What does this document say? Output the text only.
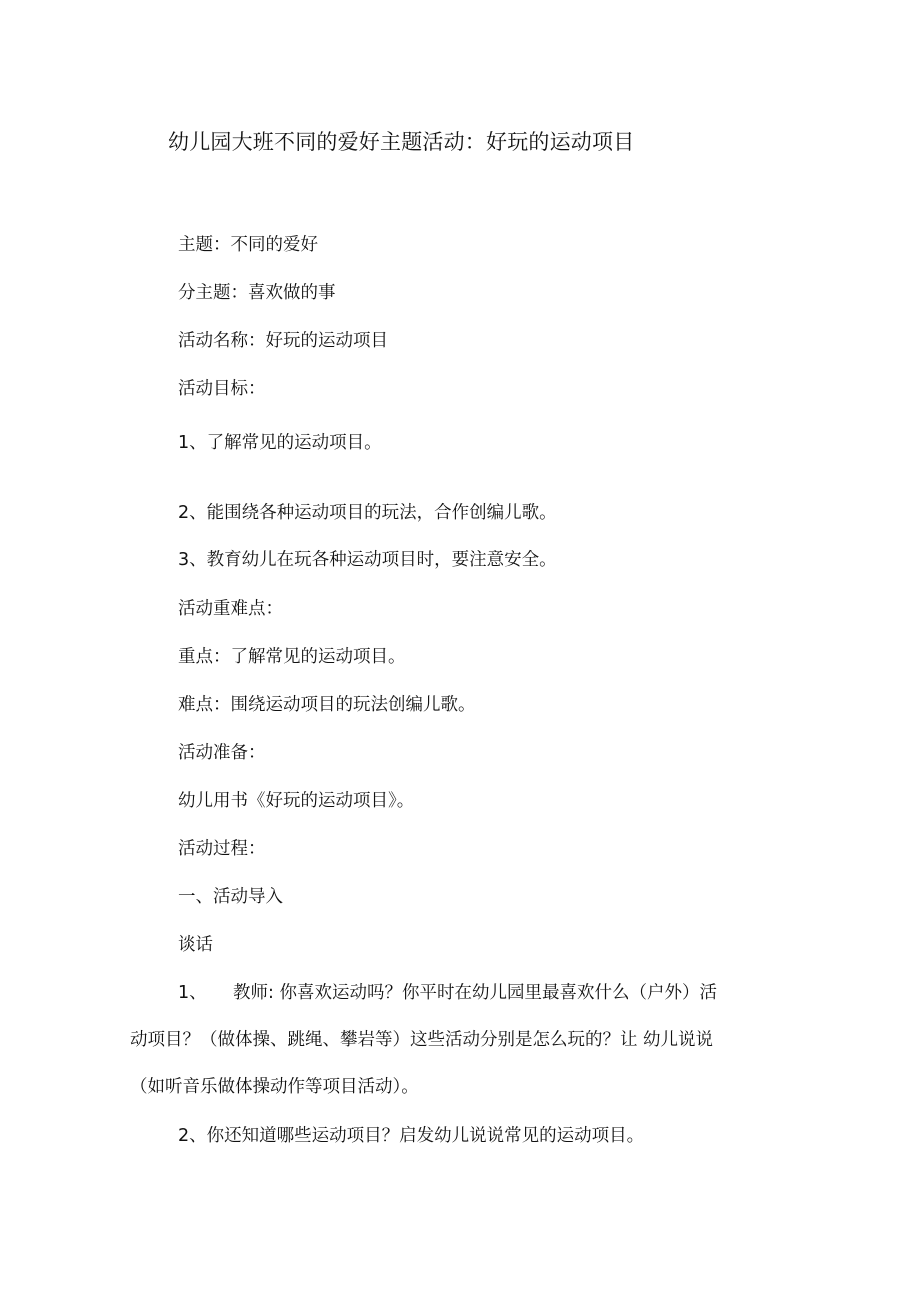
幼儿园大班不同的爱好主题活动：好玩的运动项目
主题：不同的爱好
分主题：喜欢做的事
活动名称：好玩的运动项目
活动目标：
1、了解常见的运动项目。
2、能围绕各种运动项目的玩法，合作创编儿歌。
3、教育幼儿在玩各种运动项目时，要注意安全。
活动重难点：
重点：了解常见的运动项目。
难点：围绕运动项目的玩法创编儿歌。
活动准备：
幼儿用书《好玩的运动项目》。
活动过程：
一、活动导入
谈话
1、 教师: 你喜欢运动吗？你平时在幼儿园里最喜欢什么（户外）活
动项目？（做体操、跳绳、攀岩等）这些活动分别是怎么玩的？让 幼儿说说
（如听音乐做体操动作等项目活动）。
2、你还知道哪些运动项目？启发幼儿说说常见的运动项目。
